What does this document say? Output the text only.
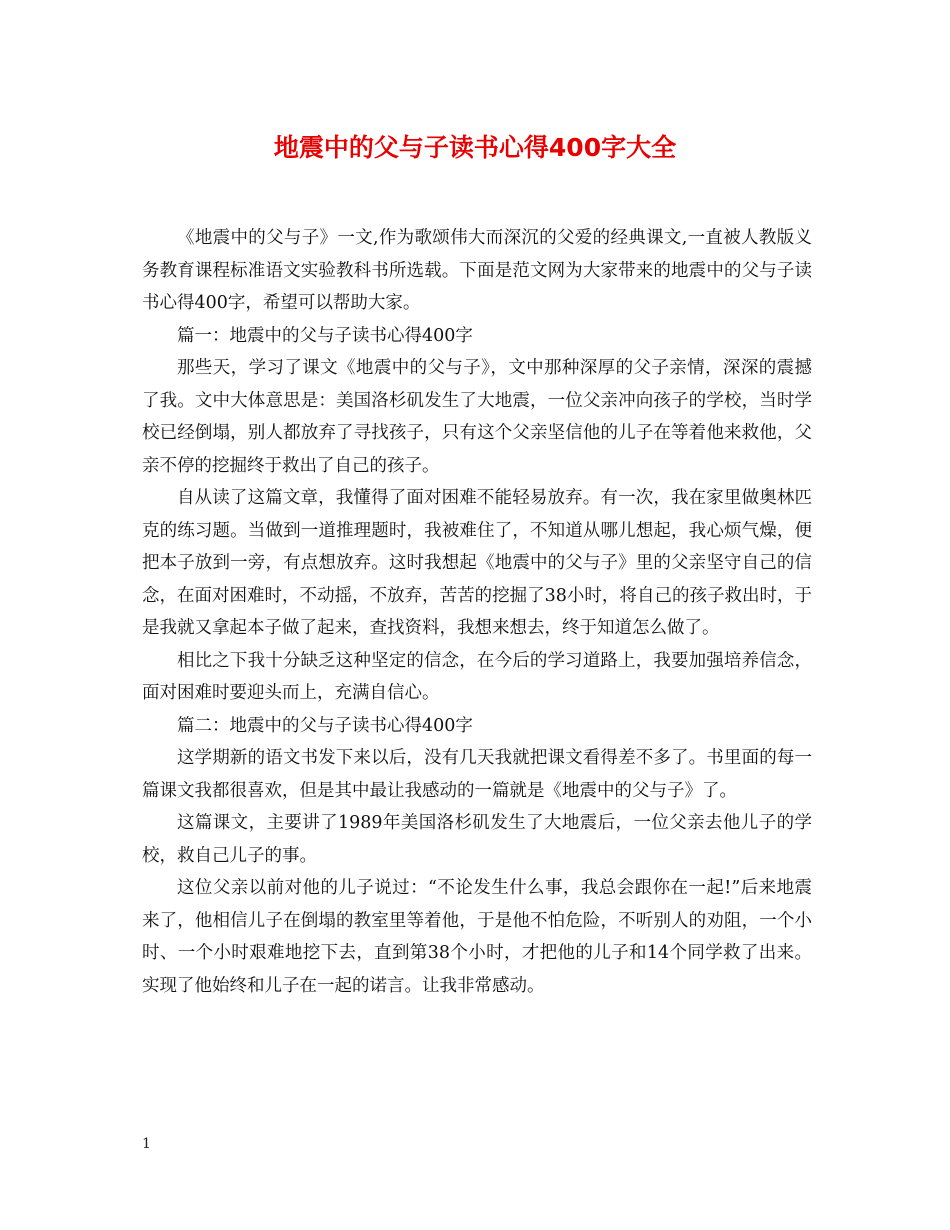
地震中的父与子读书心得400字大全

《地震中的父与子》一文,作为歌颂伟大而深沉的父爱的经典课文,一直被人教版义务教育课程标准语文实验教科书所选载。下面是范文网为大家带来的地震中的父与子读书心得400字，希望可以帮助大家。

篇一：地震中的父与子读书心得400字

那些天，学习了课文《地震中的父与子》，文中那种深厚的父子亲情，深深的震撼了我。文中大体意思是：美国洛杉矶发生了大地震，一位父亲冲向孩子的学校，当时学校已经倒塌，别人都放弃了寻找孩子，只有这个父亲坚信他的儿子在等着他来救他，父亲不停的挖掘终于救出了自己的孩子。

自从读了这篇文章，我懂得了面对困难不能轻易放弃。有一次，我在家里做奥林匹克的练习题。当做到一道推理题时，我被难住了，不知道从哪儿想起，我心烦气燥，便把本子放到一旁，有点想放弃。这时我想起《地震中的父与子》里的父亲坚守自己的信念，在面对困难时，不动摇，不放弃，苦苦的挖掘了38小时，将自己的孩子救出时，于是我就又拿起本子做了起来，查找资料，我想来想去，终于知道怎么做了。

相比之下我十分缺乏这种坚定的信念，在今后的学习道路上，我要加强培养信念，面对困难时要迎头而上，充满自信心。

篇二：地震中的父与子读书心得400字

这学期新的语文书发下来以后，没有几天我就把课文看得差不多了。书里面的每一篇课文我都很喜欢，但是其中最让我感动的一篇就是《地震中的父与子》了。

这篇课文，主要讲了1989年美国洛杉矶发生了大地震后，一位父亲去他儿子的学校，救自己儿子的事。

这位父亲以前对他的儿子说过：“不论发生什么事，我总会跟你在一起!”后来地震来了，他相信儿子在倒塌的教室里等着他，于是他不怕危险，不听别人的劝阻，一个小时、一个小时艰难地挖下去，直到第38个小时，才把他的儿子和14个同学救了出来。实现了他始终和儿子在一起的诺言。让我非常感动。

1
